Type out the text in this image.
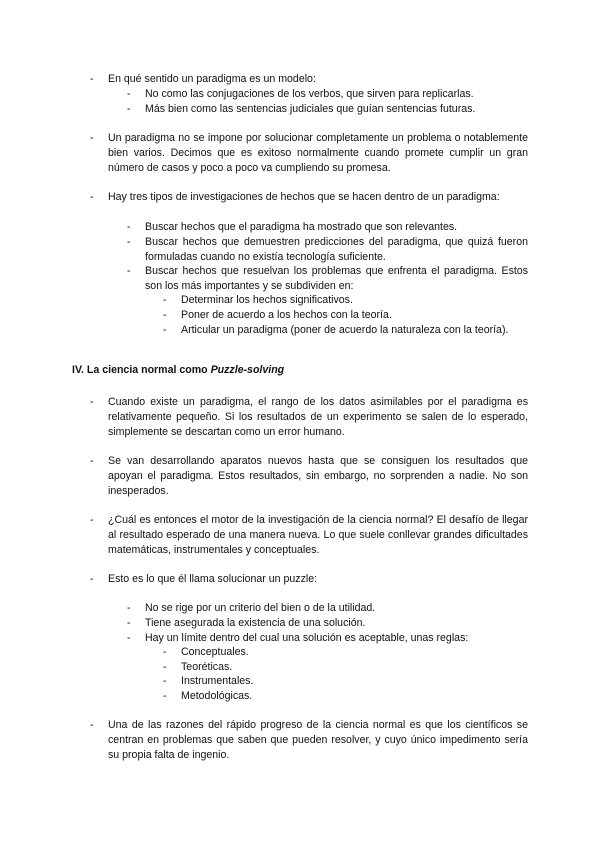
- En qué sentido un paradigma es un modelo:
- No como las conjugaciones de los verbos, que sirven para replicarlas.
- Más bien como las sentencias judiciales que guían sentencias futuras.
- Un paradigma no se impone por solucionar completamente un problema o notablemente bien varios. Decimos que es exitoso normalmente cuando promete cumplir un gran número de casos y poco a poco va cumpliendo su promesa.
- Hay tres tipos de investigaciones de hechos que se hacen dentro de un paradigma:
- Buscar hechos que el paradigma ha mostrado que son relevantes.
- Buscar hechos que demuestren predicciones del paradigma, que quizá fueron formuladas cuando no existía tecnología suficiente.
- Buscar hechos que resuelvan los problemas que enfrenta el paradigma. Estos son los más importantes y se subdividen en:
- Determinar los hechos significativos.
- Poner de acuerdo a los hechos con la teoría.
- Articular un paradigma (poner de acuerdo la naturaleza con la teoría).
IV. La ciencia normal como Puzzle-solving
- Cuando existe un paradigma, el rango de los datos asimilables por el paradigma es relativamente pequeño. Si los resultados de un experimento se salen de lo esperado, simplemente se descartan como un error humano.
- Se van desarrollando aparatos nuevos hasta que se consiguen los resultados que apoyan el paradigma. Estos resultados, sin embargo, no sorprenden a nadie. No son inesperados.
- ¿Cuál es entonces el motor de la investigación de la ciencia normal? El desafío de llegar al resultado esperado de una manera nueva. Lo que suele conllevar grandes dificultades matemáticas, instrumentales y conceptuales.
- Esto es lo que él llama solucionar un puzzle:
- No se rige por un criterio del bien o de la utilidad.
- Tiene asegurada la existencia de una solución.
- Hay un límite dentro del cual una solución es aceptable, unas reglas:
- Conceptuales.
- Teoréticas.
- Instrumentales.
- Metodológicas.
- Una de las razones del rápido progreso de la ciencia normal es que los científicos se centran en problemas que saben que pueden resolver, y cuyo único impedimento sería su propia falta de ingenio.
